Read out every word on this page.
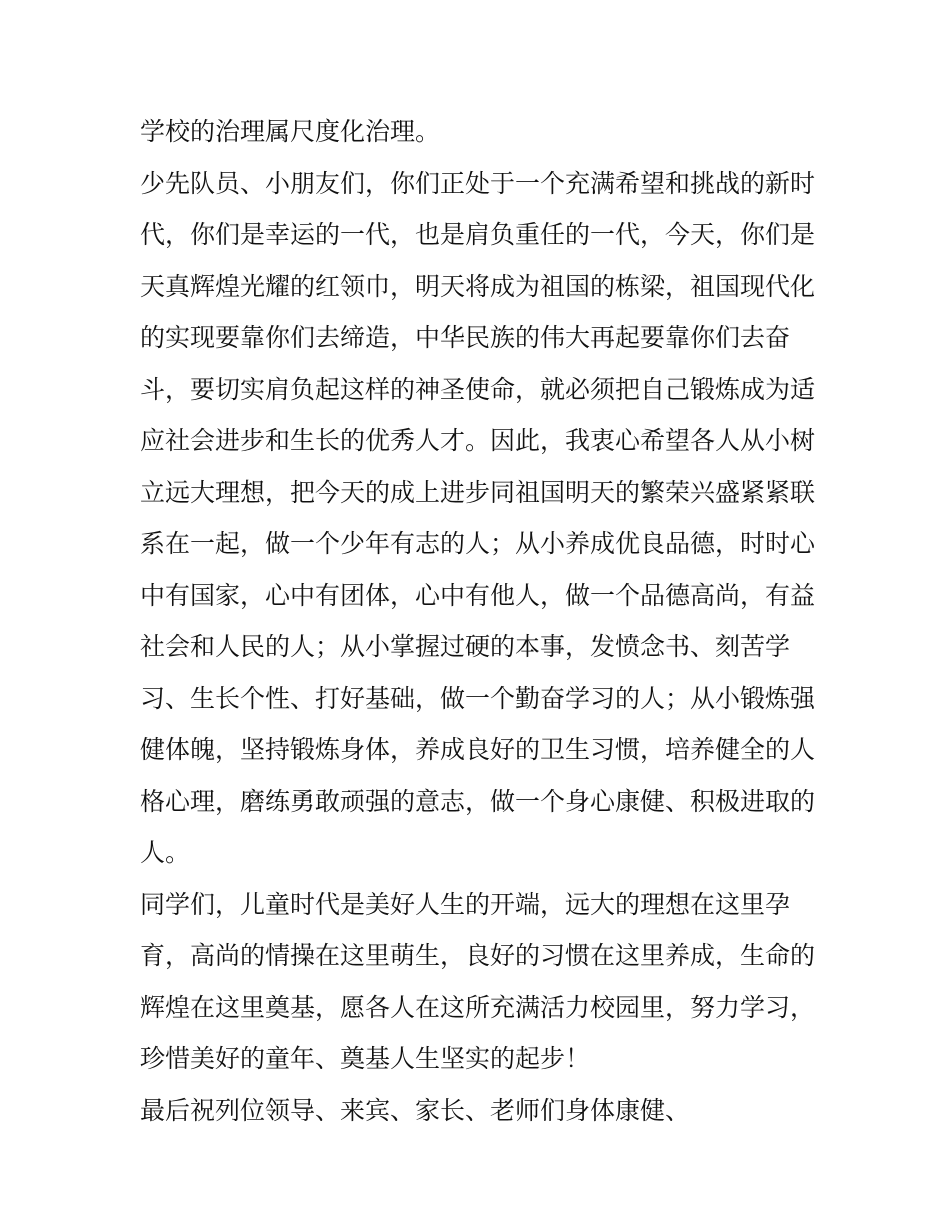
学校的治理属尺度化治理。
少先队员、小朋友们，你们正处于一个充满希望和挑战的新时
代，你们是幸运的一代，也是肩负重任的一代，今天，你们是
天真辉煌光耀的红领巾，明天将成为祖国的栋梁，祖国现代化
的实现要靠你们去缔造，中华民族的伟大再起要靠你们去奋
斗，要切实肩负起这样的神圣使命，就必须把自己锻炼成为适
应社会进步和生长的优秀人才。因此，我衷心希望各人从小树
立远大理想，把今天的成上进步同祖国明天的繁荣兴盛紧紧联
系在一起，做一个少年有志的人；从小养成优良品德，时时心
中有国家，心中有团体，心中有他人，做一个品德高尚，有益
社会和人民的人；从小掌握过硬的本事，发愤念书、刻苦学
习、生长个性、打好基础，做一个勤奋学习的人；从小锻炼强
健体魄，坚持锻炼身体，养成良好的卫生习惯，培养健全的人
格心理，磨练勇敢顽强的意志，做一个身心康健、积极进取的
人。
同学们，儿童时代是美好人生的开端，远大的理想在这里孕
育，高尚的情操在这里萌生，良好的习惯在这里养成，生命的
辉煌在这里奠基，愿各人在这所充满活力校园里，努力学习，
珍惜美好的童年、奠基人生坚实的起步！
最后祝列位领导、来宾、家长、老师们身体康健、
